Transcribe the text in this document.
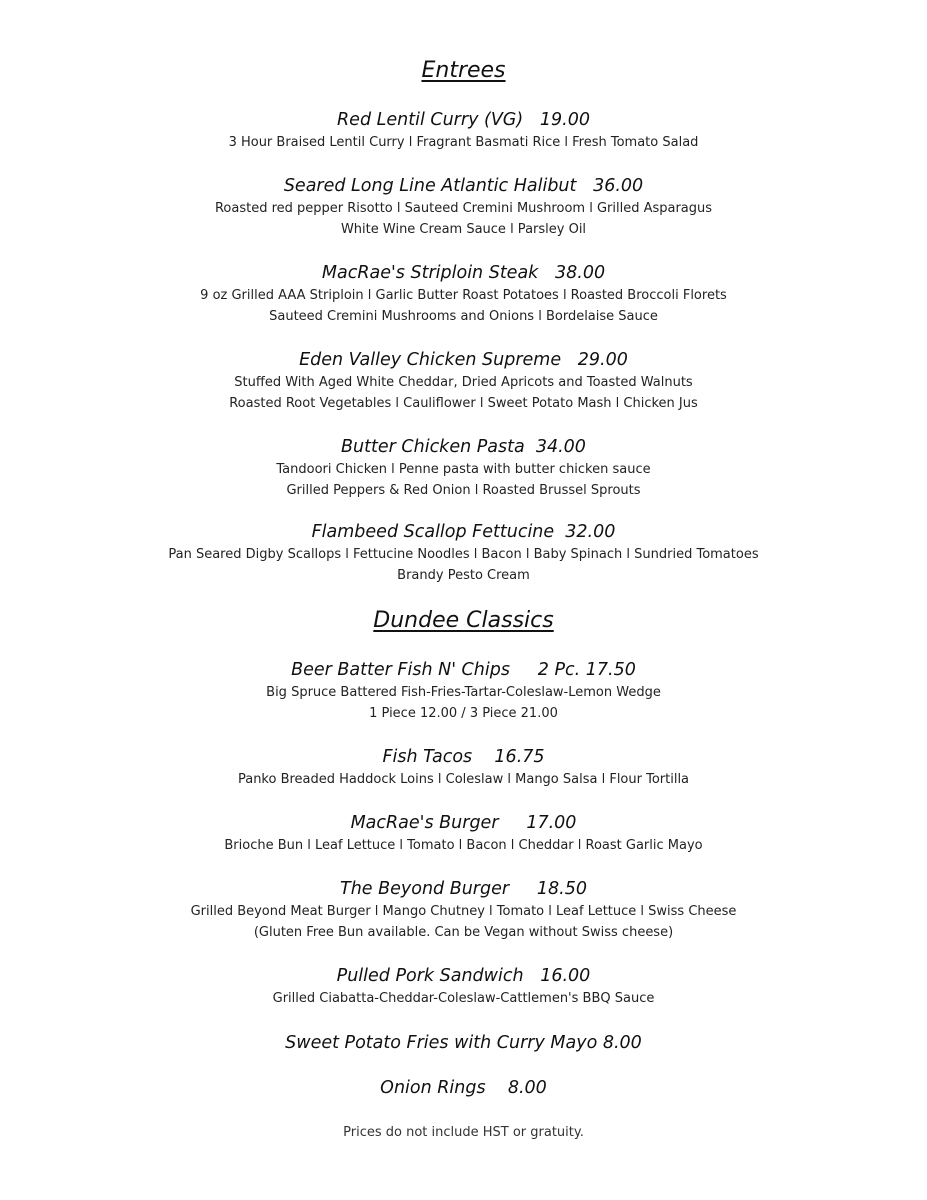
Entrees

Red Lentil Curry (VG)   19.00

3 Hour Braised Lentil Curry l Fragrant Basmati Rice l Fresh Tomato Salad

Seared Long Line Atlantic Halibut   36.00

Roasted red pepper Risotto l Sauteed Cremini Mushroom l Grilled Asparagus

White Wine Cream Sauce l Parsley Oil

MacRae's Striploin Steak   38.00

9 oz Grilled AAA Striploin l Garlic Butter Roast Potatoes l Roasted Broccoli Florets

Sauteed Cremini Mushrooms and Onions l Bordelaise Sauce

Eden Valley Chicken Supreme   29.00

Stuffed With Aged White Cheddar, Dried Apricots and Toasted Walnuts

Roasted Root Vegetables l Cauliflower l Sweet Potato Mash l Chicken Jus

Butter Chicken Pasta  34.00

Tandoori Chicken l Penne pasta with butter chicken sauce

Grilled Peppers & Red Onion l Roasted Brussel Sprouts

Flambeed Scallop Fettucine  32.00

Pan Seared Digby Scallops l Fettucine Noodles l Bacon l Baby Spinach l Sundried Tomatoes

Brandy Pesto Cream

Dundee Classics

Beer Batter Fish N' Chips     2 Pc. 17.50

Big Spruce Battered Fish-Fries-Tartar-Coleslaw-Lemon Wedge

1 Piece 12.00 / 3 Piece 21.00

Fish Tacos    16.75

Panko Breaded Haddock Loins l Coleslaw l Mango Salsa l Flour Tortilla

MacRae's Burger     17.00

Brioche Bun l Leaf Lettuce l Tomato l Bacon l Cheddar l Roast Garlic Mayo

The Beyond Burger     18.50

Grilled Beyond Meat Burger l Mango Chutney l Tomato l Leaf Lettuce l Swiss Cheese

(Gluten Free Bun available. Can be Vegan without Swiss cheese)

Pulled Pork Sandwich   16.00

Grilled Ciabatta-Cheddar-Coleslaw-Cattlemen's BBQ Sauce

Sweet Potato Fries with Curry Mayo 8.00

Onion Rings    8.00

Prices do not include HST or gratuity.
